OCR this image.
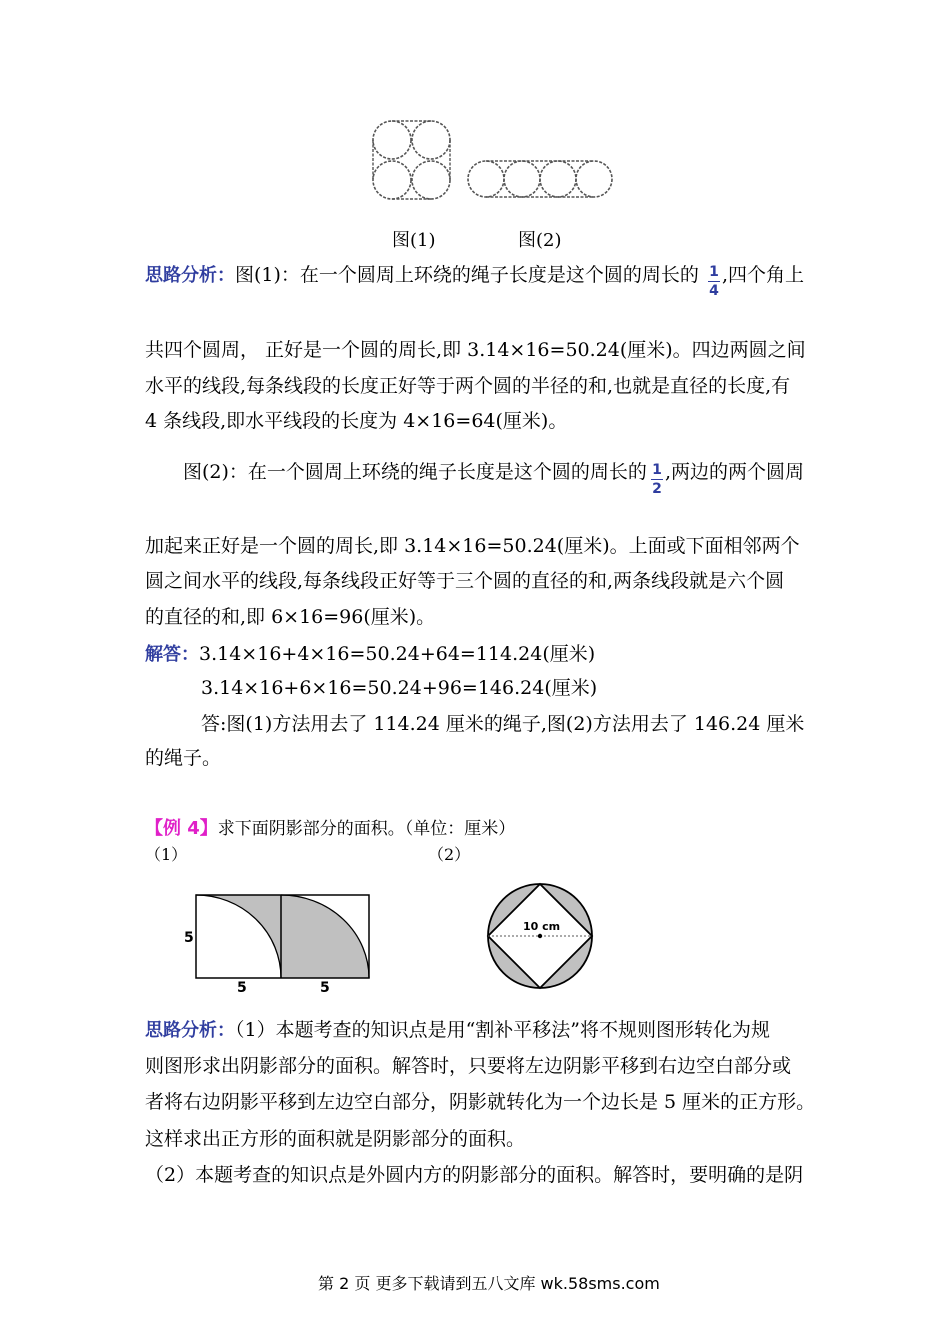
图(1)	图(2)
思路分析：图(1)：在一个圆周上环绕的绳子长度是这个圆的周长的 1
4
,四个角上
共四个圆周， 正好是一个圆的周长,即 3.14×16=50.24(厘米)。四边两圆之间
水平的线段,每条线段的长度正好等于两个圆的半径的和,也就是直径的长度,有
4 条线段,即水平线段的长度为 4×16=64(厘米)。
图(2)：在一个圆周上环绕的绳子长度是这个圆的周长的 1
2
,两边的两个圆周
加起来正好是一个圆的周长,即 3.14×16=50.24(厘米)。上面或下面相邻两个
圆之间水平的线段,每条线段正好等于三个圆的直径的和,两条线段就是六个圆
的直径的和,即 6×16=96(厘米)。
解答：3.14×16+4×16=50.24+64=114.24(厘米)
3.14×16+6×16=50.24+96=146.24(厘米)
答:图(1)方法用去了 114.24 厘米的绳子,图(2)方法用去了 146.24 厘米
的绳子。
【例 4】求下面阴影部分的面积。（单位：厘米）
（1）	（2）
5
5	5
10 cm
思路分析：（1）本题考查的知识点是用“割补平移法”将不规则图形转化为规
则图形求出阴影部分的面积。解答时，只要将左边阴影平移到右边空白部分或
者将右边阴影平移到左边空白部分，阴影就转化为一个边长是 5 厘米的正方形。
这样求出正方形的面积就是阴影部分的面积。
（2）本题考查的知识点是外圆内方的阴影部分的面积。解答时，要明确的是阴
第 2 页 更多下载请到五八文库 wk.58sms.com
